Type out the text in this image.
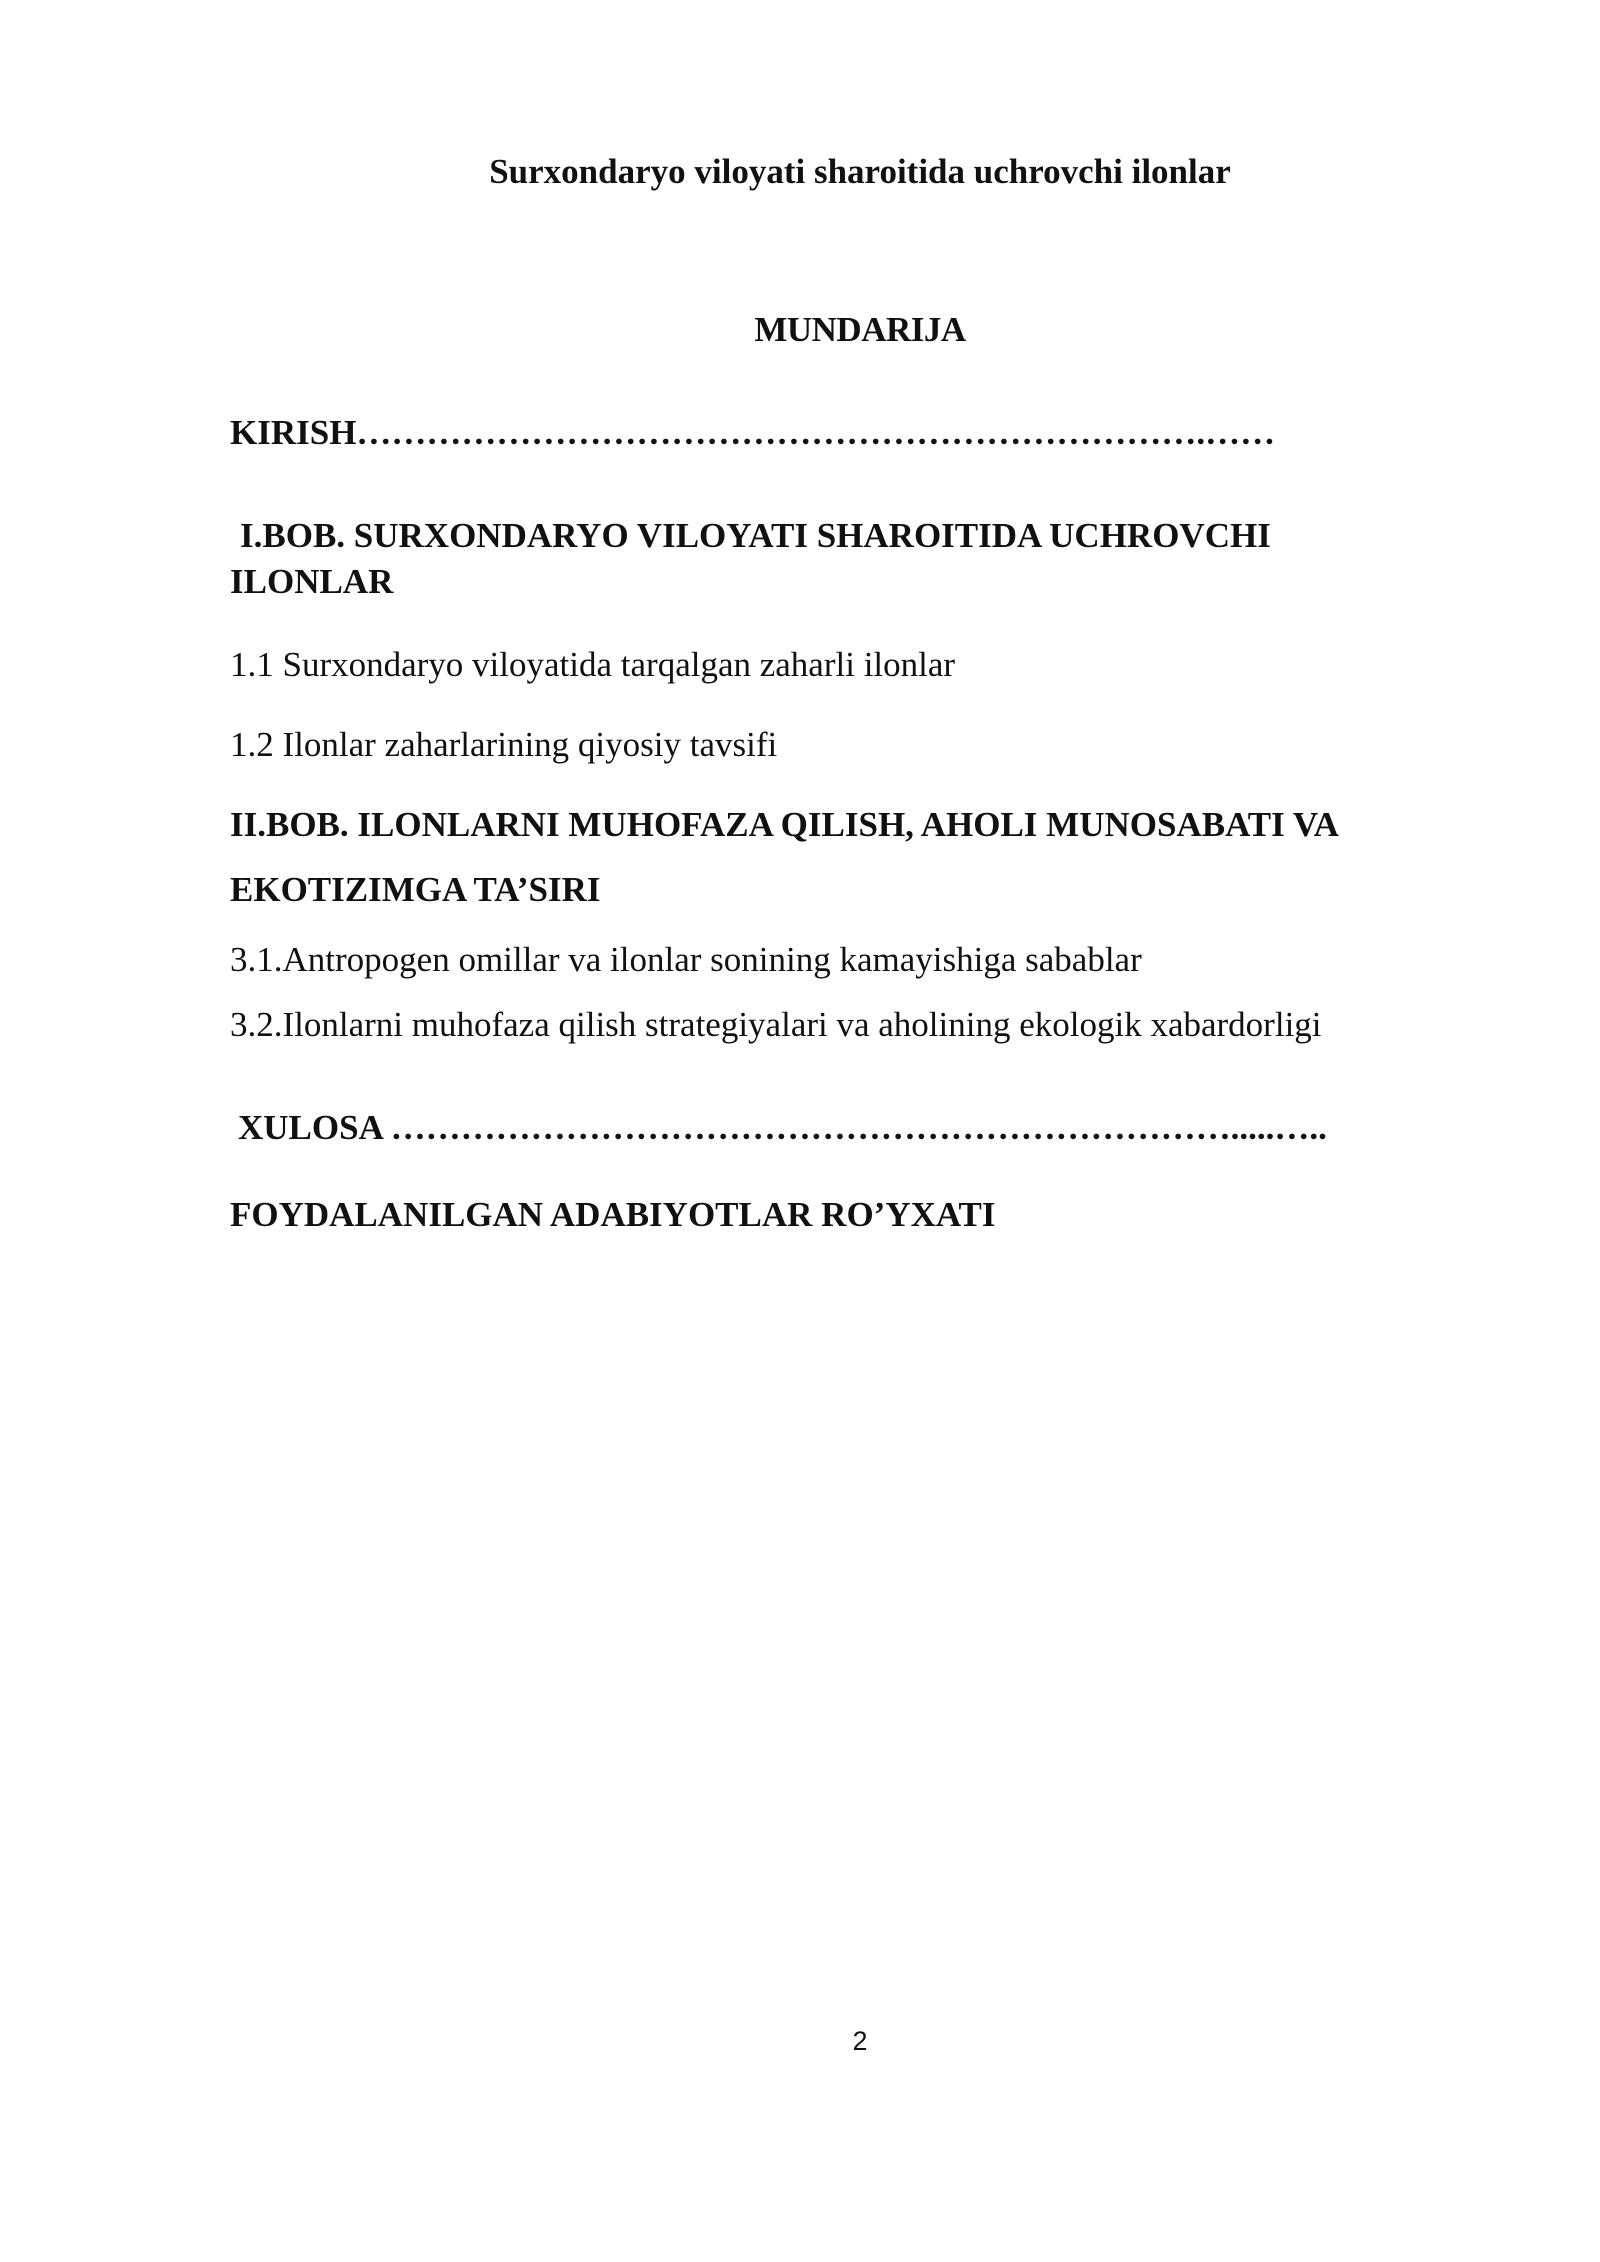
Surxondaryo viloyati sharoitida uchrovchi ilonlar
MUNDARIJA
KIRISH……………………………………………………………….……
I.BOB. SURXONDARYO VILOYATI SHAROITIDA UCHROVCHI
ILONLAR
1.1 Surxondaryo viloyatida tarqalgan zaharli ilonlar
1.2 Ilonlar zaharlarining qiyosiy tavsifi
II.BOB. ILONLARNI MUHOFAZA QILISH, AHOLI MUNOSABATI VA
EKOTIZIMGA TA’SIRI
3.1.Antropogen omillar va ilonlar sonining kamayishiga sabablar
3.2.Ilonlarni muhofaza qilish strategiyalari va aholining ekologik xabardorligi
XULOSA ……………………………………………………………….....…..
FOYDALANILGAN ADABIYOTLAR RO’YXATI
2
